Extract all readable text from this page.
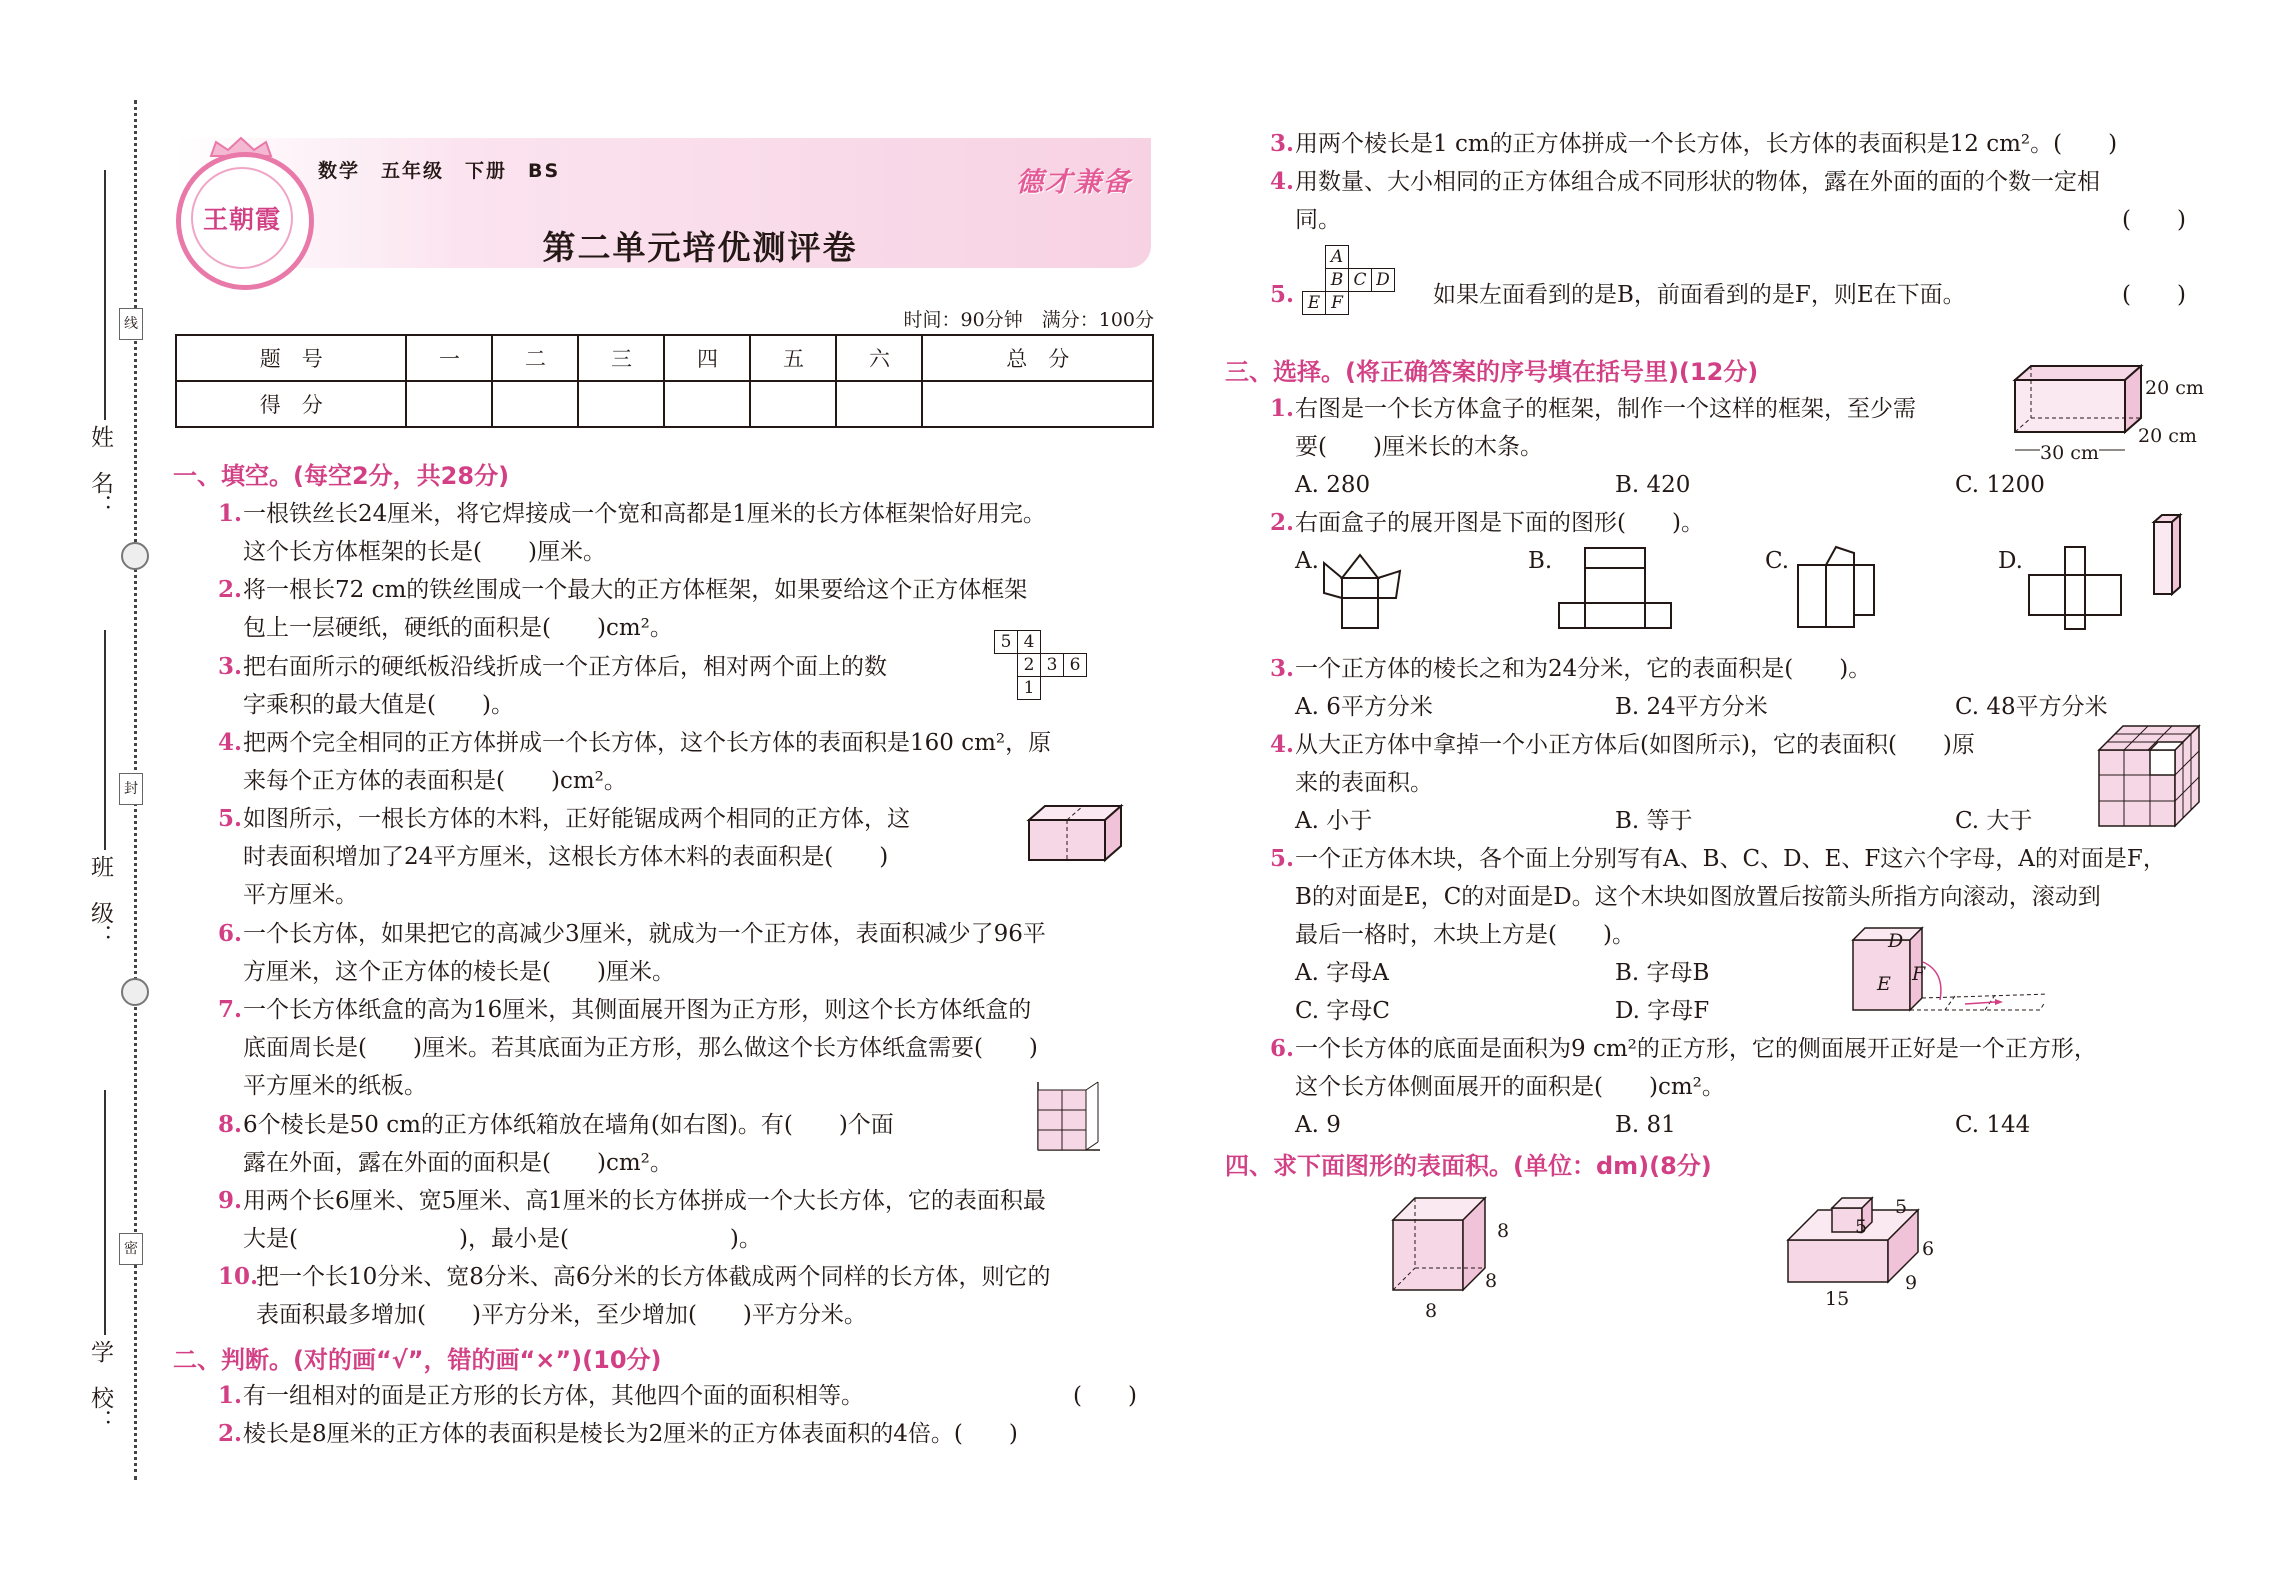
姓　名：
班　级：
学　校：
线
封
密
王朝霞
数学　五年级　下册　BS	德才兼备
第二单元培优测评卷
时间：90分钟　满分：100分
题　号	一	二	三	四	五	六	总　分
得　分							
一、填空。(每空2分，共28分)
1. 一根铁丝长24厘米，将它焊接成一个宽和高都是1厘米的长方体框架恰好用完。
这个长方体框架的长是(　　)厘米。
2. 将一根长72 cm的铁丝围成一个最大的正方体框架，如果要给这个正方体框架
包上一层硬纸，硬纸的面积是(　　)cm²。
3. 把右面所示的硬纸板沿线折成一个正方体后，相对两个面上的数
字乘积的最大值是(　　)。
5	4		
	2	3	6
	1		
4. 把两个完全相同的正方体拼成一个长方体，这个长方体的表面积是160 cm²，原
来每个正方体的表面积是(　　)cm²。
5. 如图所示，一根长方体的木料，正好能锯成两个相同的正方体，这
时表面积增加了24平方厘米，这根长方体木料的表面积是(　　)
平方厘米。
6. 一个长方体，如果把它的高减少3厘米，就成为一个正方体，表面积减少了96平
方厘米，这个正方体的棱长是(　　)厘米。
7. 一个长方体纸盒的高为16厘米，其侧面展开图为正方形，则这个长方体纸盒的
底面周长是(　　)厘米。若其底面为正方形，那么做这个长方体纸盒需要(　　)
平方厘米的纸板。
8. 6个棱长是50 cm的正方体纸箱放在墙角(如右图)。有(　　)个面
露在外面，露在外面的面积是(　　)cm²。
9. 用两个长6厘米、宽5厘米、高1厘米的长方体拼成一个大长方体，它的表面积最
大是(　　　　　　　)，最小是(　　　　　　　)。
10.
把一个长10分米、宽8分米、高6分米的长方体截成两个同样的长方体，则它的
表面积最多增加(　　)平方分米，至少增加(　　)平方分米。
二、判断。(对的画“√”，错的画“×”)(10分)
1. 有一组相对的面是正方形的长方体，其他四个面的面积相等。	(　　)
2. 棱长是8厘米的正方体的表面积是棱长为2厘米的正方体表面积的4倍。(　　)
3. 用两个棱长是1 cm的正方体拼成一个长方体，长方体的表面积是12 cm²。(　　)
4. 用数量、大小相同的正方体组合成不同形状的物体，露在外面的面的个数一定相
同。	(　　)
5.
	A			
	B	C	D	
E	F				如果左面看到的是B，前面看到的是F，则E在下面。	(　　)
三、选择。(将正确答案的序号填在括号里)(12分)
1. 右图是一个长方体盒子的框架，制作一个这样的框架，至少需
要(　　)厘米长的木条。
20 cm
20 cm
30 cm
A. 280	B. 420	C. 1200
2. 右面盒子的展开图是下面的图形(　　)。
A.	B.	C.	D.
3. 一个正方体的棱长之和为24分米，它的表面积是(　　)。
A. 6平方分米	B. 24平方分米	C. 48平方分米
4. 从大正方体中拿掉一个小正方体后(如图所示)，它的表面积(　　)原
来的表面积。
A. 小于	B. 等于	C. 大于
5. 一个正方体木块，各个面上分别写有A、B、C、D、E、F这六个字母，A的对面是F，
B的对面是E，C的对面是D。这个木块如图放置后按箭头所指方向滚动，滚动到
最后一格时，木块上方是(　　)。	D
E F
A. 字母A	B. 字母B
C. 字母C	D. 字母F
6. 一个长方体的底面是面积为9 cm²的正方形，它的侧面展开正好是一个正方形，
这个长方体侧面展开的面积是(　　)cm²。
A. 9	B. 81	C. 144
四、求下面图形的表面积。(单位：dm)(8分)
8
8
8
5
5
6
15
9
